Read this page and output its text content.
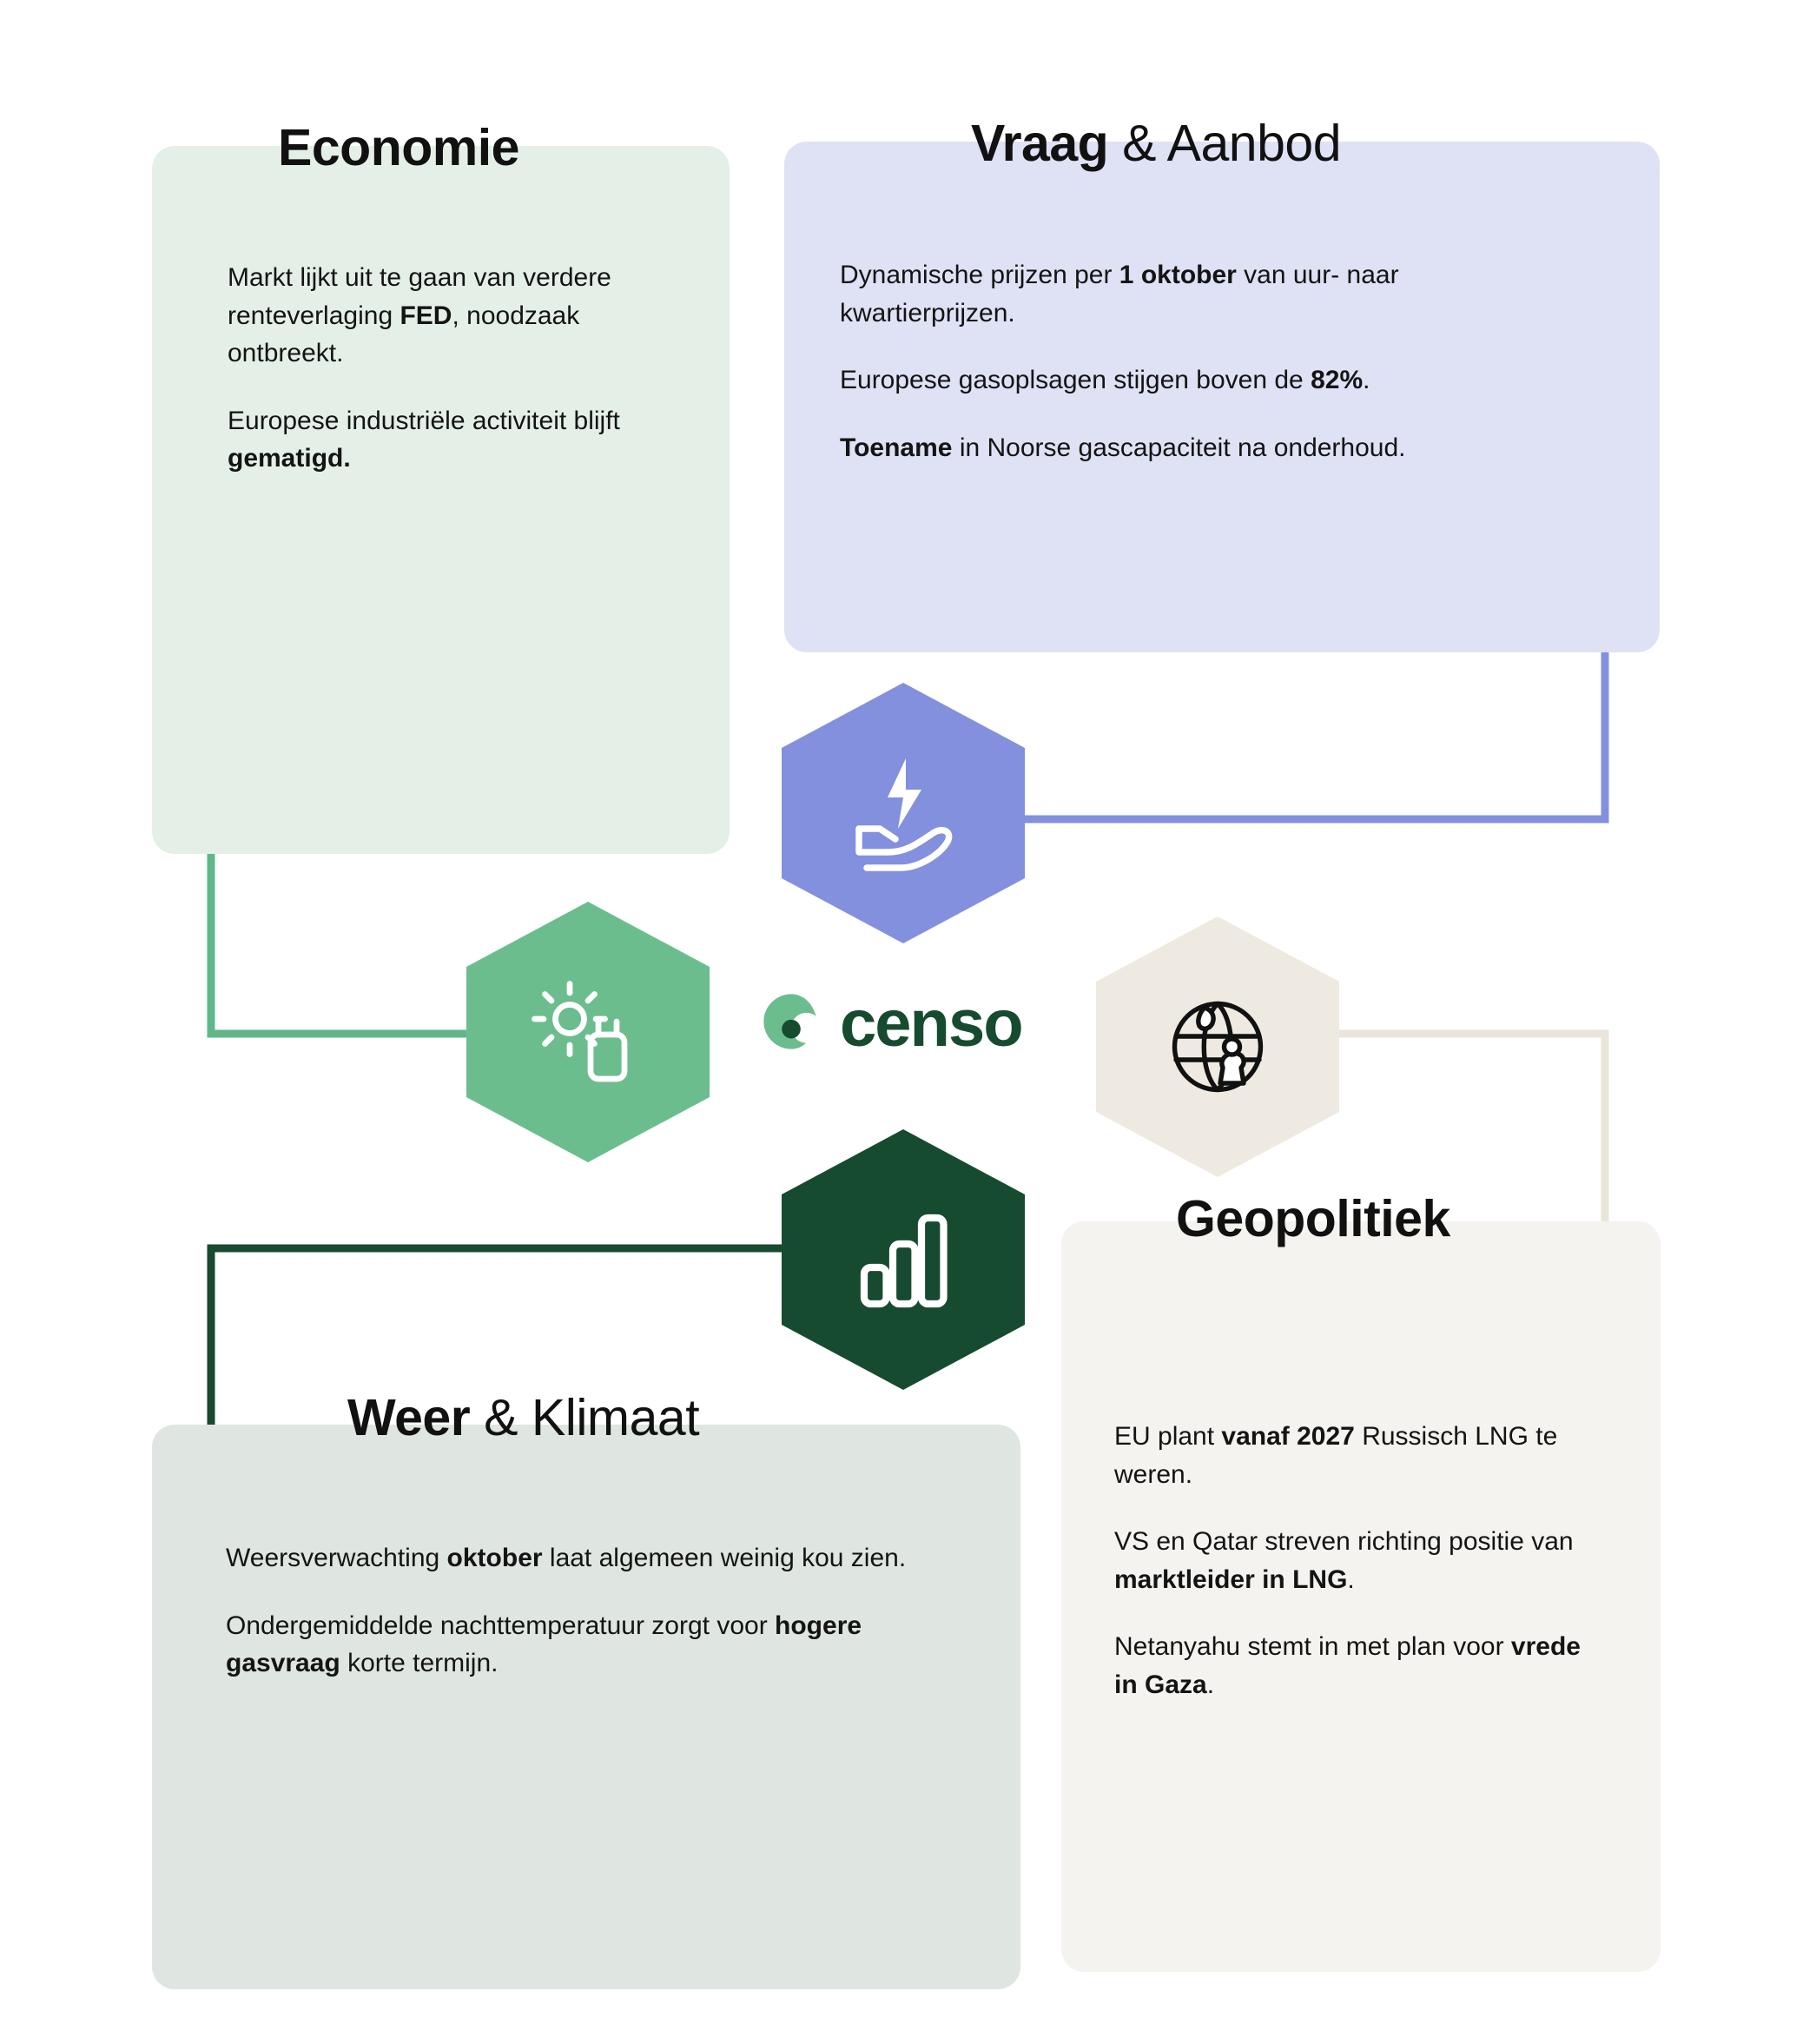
Economie	Vraag & Aanbod
Geopolitiek
Weer & Klimaat

Markt lijkt uit te gaan van verdere renteverlaging FED, noodzaak ontbreekt.

Europese industriële activiteit blijft gematigd.

Dynamische prijzen per 1 oktober van uur- naar kwartierprijzen.

Europese gasoplsagen stijgen boven de 82%.

Toename in Noorse gascapaciteit na onderhoud.

EU plant vanaf 2027 Russisch LNG te weren.

VS en Qatar streven richting positie van marktleider in LNG.

Netanyahu stemt in met plan voor vrede in Gaza.

Weersverwachting oktober laat algemeen weinig kou zien.

Ondergemiddelde nachttemperatuur zorgt voor hogere gasvraag korte termijn.

censo
